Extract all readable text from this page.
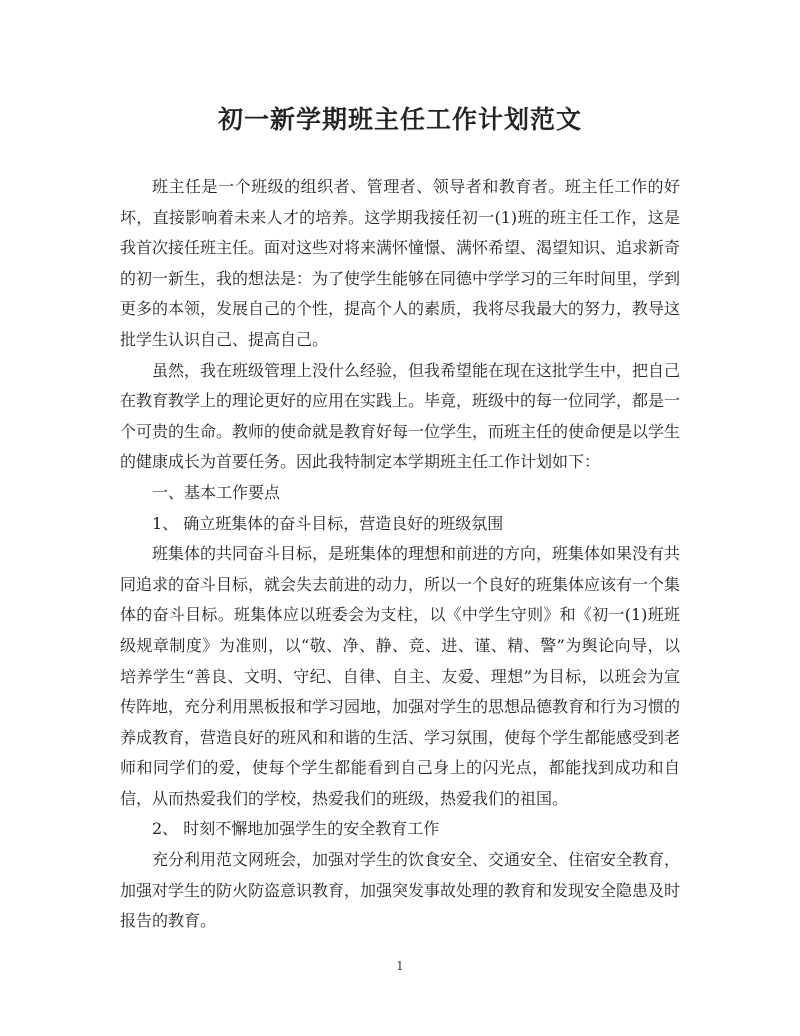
初一新学期班主任工作计划范文

班主任是一个班级的组织者、管理者、领导者和教育者。班主任工作的好坏，直接影响着未来人才的培养。这学期我接任初一(1)班的班主任工作，这是我首次接任班主任。面对这些对将来满怀憧憬、满怀希望、渴望知识、追求新奇的初一新生，我的想法是：为了使学生能够在同德中学学习的三年时间里，学到更多的本领，发展自己的个性，提高个人的素质，我将尽我最大的努力，教导这批学生认识自己、提高自己。

虽然，我在班级管理上没什么经验，但我希望能在现在这批学生中，把自己在教育教学上的理论更好的应用在实践上。毕竟，班级中的每一位同学，都是一个可贵的生命。教师的使命就是教育好每一位学生，而班主任的使命便是以学生的健康成长为首要任务。因此我特制定本学期班主任工作计划如下：

一、基本工作要点

1、 确立班集体的奋斗目标，营造良好的班级氛围

班集体的共同奋斗目标，是班集体的理想和前进的方向，班集体如果没有共同追求的奋斗目标，就会失去前进的动力，所以一个良好的班集体应该有一个集体的奋斗目标。班集体应以班委会为支柱，以《中学生守则》和《初一(1)班班级规章制度》为准则，以“敬、净、静、竞、进、谨、精、警”为舆论向导，以培养学生“善良、文明、守纪、自律、自主、友爱、理想”为目标，以班会为宣传阵地，充分利用黑板报和学习园地，加强对学生的思想品德教育和行为习惯的养成教育，营造良好的班风和和谐的生活、学习氛围，使每个学生都能感受到老师和同学们的爱，使每个学生都能看到自己身上的闪光点，都能找到成功和自信，从而热爱我们的学校，热爱我们的班级，热爱我们的祖国。

2、 时刻不懈地加强学生的安全教育工作

充分利用范文网班会，加强对学生的饮食安全、交通安全、住宿安全教育，加强对学生的防火防盗意识教育，加强突发事故处理的教育和发现安全隐患及时报告的教育。

1
